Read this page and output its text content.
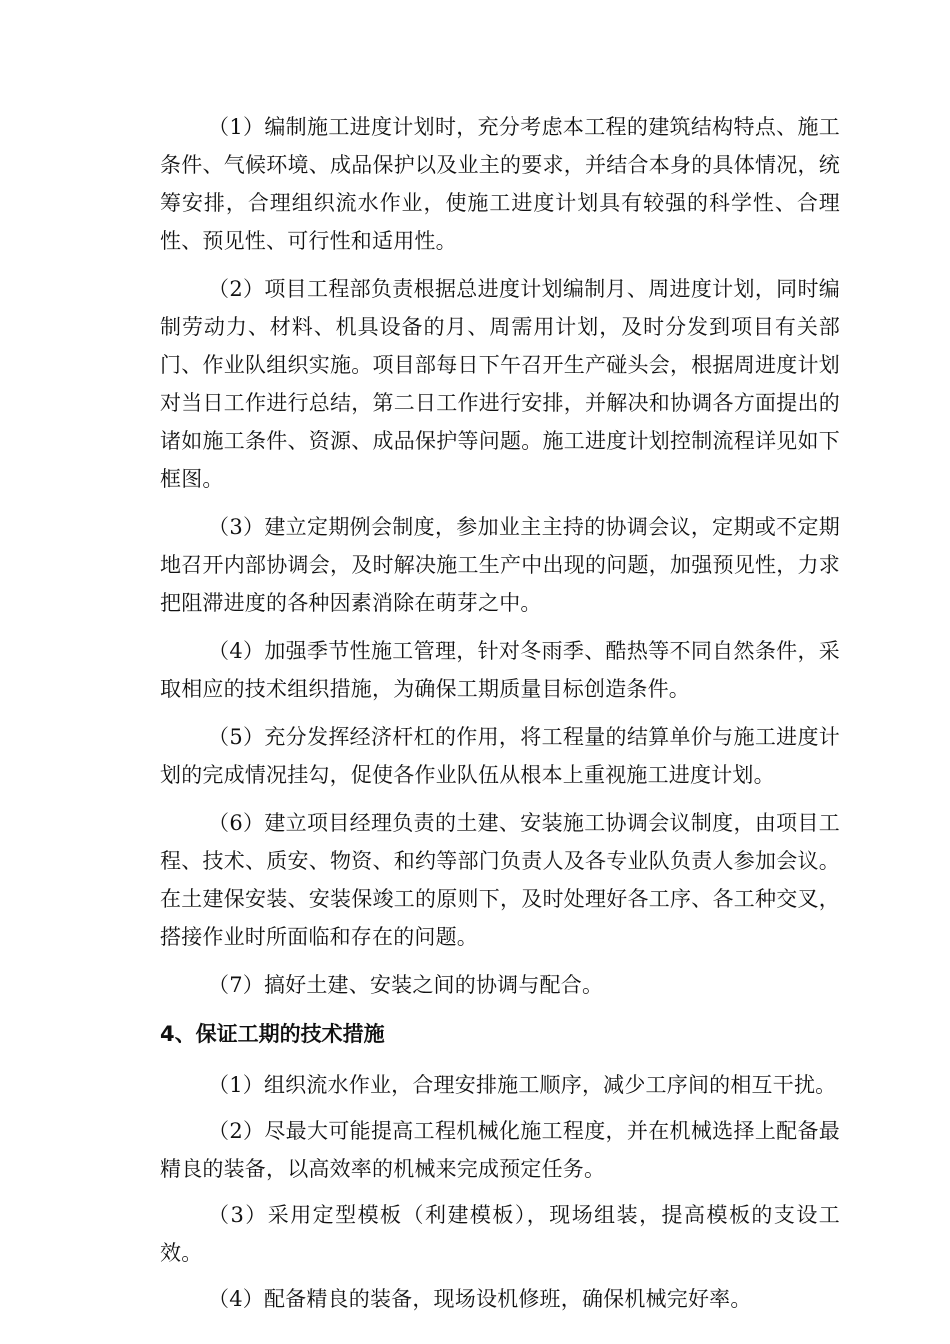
（1）编制施工进度计划时，充分考虑本工程的建筑结构特点、施工条件、气候环境、成品保护以及业主的要求，并结合本身的具体情况，统筹安排，合理组织流水作业，使施工进度计划具有较强的科学性、合理性、预见性、可行性和适用性。

（2）项目工程部负责根据总进度计划编制月、周进度计划，同时编制劳动力、材料、机具设备的月、周需用计划，及时分发到项目有关部门、作业队组织实施。项目部每日下午召开生产碰头会，根据周进度计划对当日工作进行总结，第二日工作进行安排，并解决和协调各方面提出的诸如施工条件、资源、成品保护等问题。施工进度计划控制流程详见如下框图。

（3）建立定期例会制度，参加业主主持的协调会议，定期或不定期地召开内部协调会，及时解决施工生产中出现的问题，加强预见性，力求把阻滞进度的各种因素消除在萌芽之中。

（4）加强季节性施工管理，针对冬雨季、酷热等不同自然条件，采取相应的技术组织措施，为确保工期质量目标创造条件。

（5）充分发挥经济杆杠的作用，将工程量的结算单价与施工进度计划的完成情况挂勾，促使各作业队伍从根本上重视施工进度计划。

（6）建立项目经理负责的土建、安装施工协调会议制度，由项目工程、技术、质安、物资、和约等部门负责人及各专业队负责人参加会议。在土建保安装、安装保竣工的原则下，及时处理好各工序、各工种交叉，搭接作业时所面临和存在的问题。

（7）搞好土建、安装之间的协调与配合。

4、保证工期的技术措施

（1）组织流水作业，合理安排施工顺序，减少工序间的相互干扰。

（2）尽最大可能提高工程机械化施工程度，并在机械选择上配备最精良的装备，以高效率的机械来完成预定任务。

（3）采用定型模板（利建模板），现场组装，提高模板的支设工效。

（4）配备精良的装备，现场设机修班，确保机械完好率。
